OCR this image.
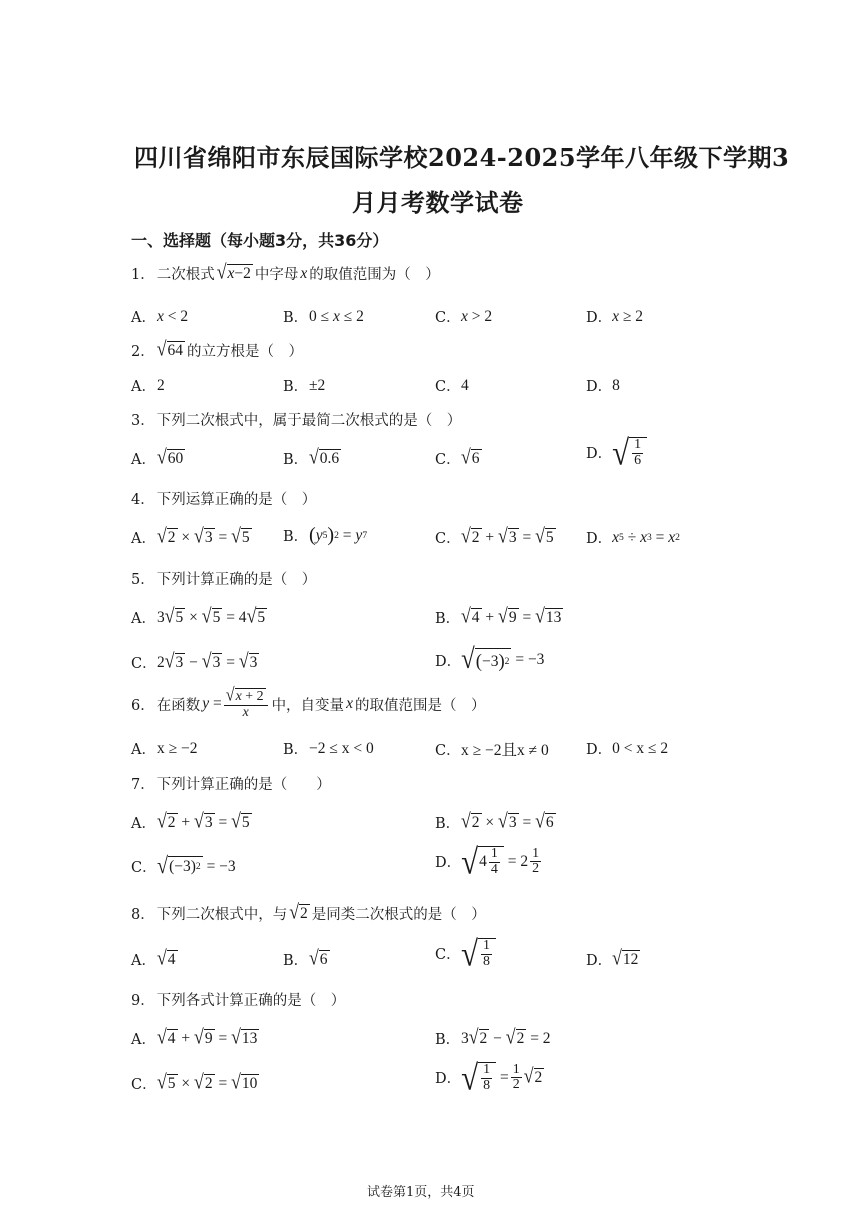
四川省绵阳市东辰国际学校2024-2025学年八年级下学期3
月月考数学试卷
一、选择题（每小题3分，共36分）
1． 二次根式 √ x −2 中字母 x 的取值范围为（　）
A． x < 2	B． 0 ≤ x ≤ 2	C． x > 2	D． x ≥ 2
2． √ 64 的立方根是（　）
A． 2	B． ±2	C． 4	D． 8
3． 下列二次根式中，属于最简二次根式的是（　）
A． √ 60	B． √ 0.6	C． √ 6	D． √ $\frac{1}{6}$
4． 下列运算正确的是（　）
A． √ 2 × √ 3 = √ 5 B． ( y 5 ) 2 = y 7	C． √ 2 + √ 3 = √ 5 D． x 5 ÷ x 3 = x 2
5． 下列计算正确的是（　）
A． 3 √ 5 × √ 5 = 4 √ 5	B． √ 4 + √ 9 = √ 13
C． 2 √ 3 − √ 3 = √ 3	D． √ ( −3 ) 2 = −3
6． 在函数 $y = \frac{√ x + 2}{x}$ 中，自变量 x 的取值范围是（　）
A． x ≥ −2	B． −2 ≤ x < 0	C． x ≥ −2且x ≠ 0	D． 0 < x ≤ 2
7． 下列计算正确的是（　　）
A． √ 2 + √ 3 = √ 5	B． √ 2 × √ 3 = √ 6
C． √ (−3) 2 = −3	D． √ $4 \frac{1}{4} = 2 \frac{1}{2}$
8． 下列二次根式中，与 √ 2 是同类二次根式的是（　）
A． √ 4	B． √ 6	C． √ $\frac{1}{8}$	D． √ 12
9． 下列各式计算正确的是（　）
A． √ 4 + √ 9 = √ 13	B． 3 √ 2 − √ 2 = 2
C． √ 5 × √ 2 = √ 10	D． √ $\frac{1}{8} = \frac{1}{2}$ √ 2
试卷第1页，共4页
